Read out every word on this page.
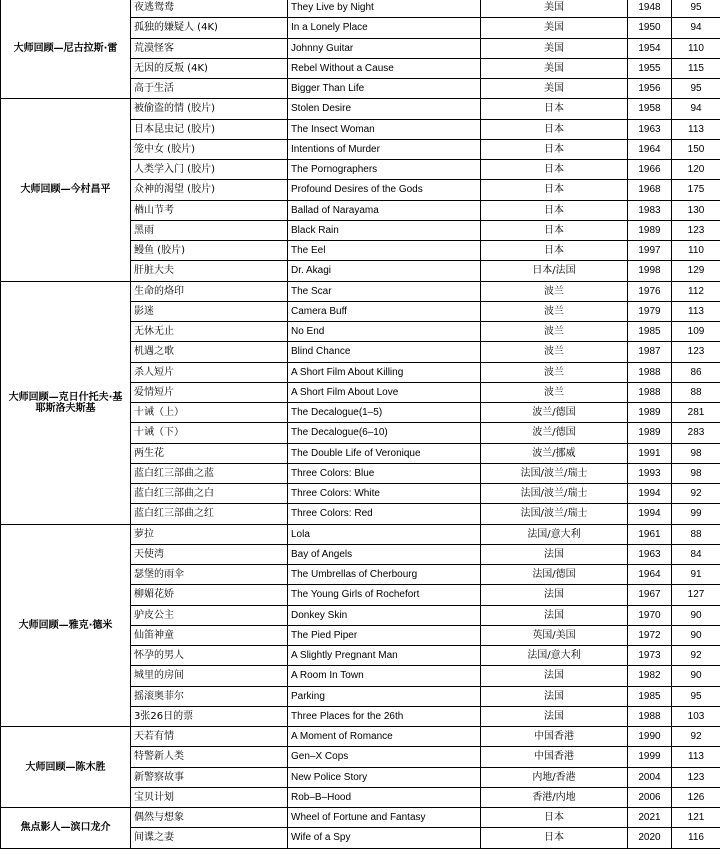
大师回顾—尼古拉斯·雷	夜逃鸳鸯	They Live by Night	美国	1948	95
	孤独的嫌疑人 (4K)	In a Lonely Place	美国	1950	94
	荒漠怪客	Johnny Guitar	美国	1954	110
	无因的反叛 (4K)	Rebel Without a Cause	美国	1955	115
	高于生活	Bigger Than Life	美国	1956	95
大师回顾—今村昌平	被偷盗的情 (胶片)	Stolen Desire	日本	1958	94
	日本昆虫记 (胶片)	The Insect Woman	日本	1963	113
	笼中女 (胶片)	Intentions of Murder	日本	1964	150
	人类学入门 (胶片)	The Pornographers	日本	1966	120
	众神的渴望 (胶片)	Profound Desires of the Gods	日本	1968	175
	楢山节考	Ballad of Narayama	日本	1983	130
	黑雨	Black Rain	日本	1989	123
	鳗鱼 (胶片)	The Eel	日本	1997	110
	肝脏大夫	Dr. Akagi	日本/法国	1998	129
大师回顾—克日什托夫·基耶斯洛夫斯基	生命的烙印	The Scar	波兰	1976	112
	影迷	Camera Buff	波兰	1979	113
	无休无止	No End	波兰	1985	109
	机遇之歌	Blind Chance	波兰	1987	123
	杀人短片	A Short Film About Killing	波兰	1988	86
	爱情短片	A Short Film About Love	波兰	1988	88
	十诫（上）	The Decalogue(1–5)	波兰/德国	1989	281
	十诫（下）	The Decalogue(6–10)	波兰/德国	1989	283
	两生花	The Double Life of Veronique	波兰/挪威	1991	98
	蓝白红三部曲之蓝	Three Colors: Blue	法国/波兰/瑞士	1993	98
	蓝白红三部曲之白	Three Colors: White	法国/波兰/瑞士	1994	92
	蓝白红三部曲之红	Three Colors: Red	法国/波兰/瑞士	1994	99
大师回顾—雅克·德米	萝拉	Lola	法国/意大利	1961	88
	天使湾	Bay of Angels	法国	1963	84
	瑟堡的雨伞	The Umbrellas of Cherbourg	法国/德国	1964	91
	柳媚花娇	The Young Girls of Rochefort	法国	1967	127
	驴皮公主	Donkey Skin	法国	1970	90
	仙笛神童	The Pied Piper	英国/美国	1972	90
	怀孕的男人	A Slightly Pregnant Man	法国/意大利	1973	92
	城里的房间	A Room In Town	法国	1982	90
	摇滚奥菲尔	Parking	法国	1985	95
	3张26日的票	Three Places for the 26th	法国	1988	103
大师回顾—陈木胜	天若有情	A Moment of Romance	中国香港	1990	92
	特警新人类	Gen–X Cops	中国香港	1999	113
	新警察故事	New Police Story	内地/香港	2004	123
	宝贝计划	Rob–B–Hood	香港/内地	2006	126
焦点影人—滨口龙介	偶然与想象	Wheel of Fortune and Fantasy	日本	2021	121
	间谍之妻	Wife of a Spy	日本	2020	116
